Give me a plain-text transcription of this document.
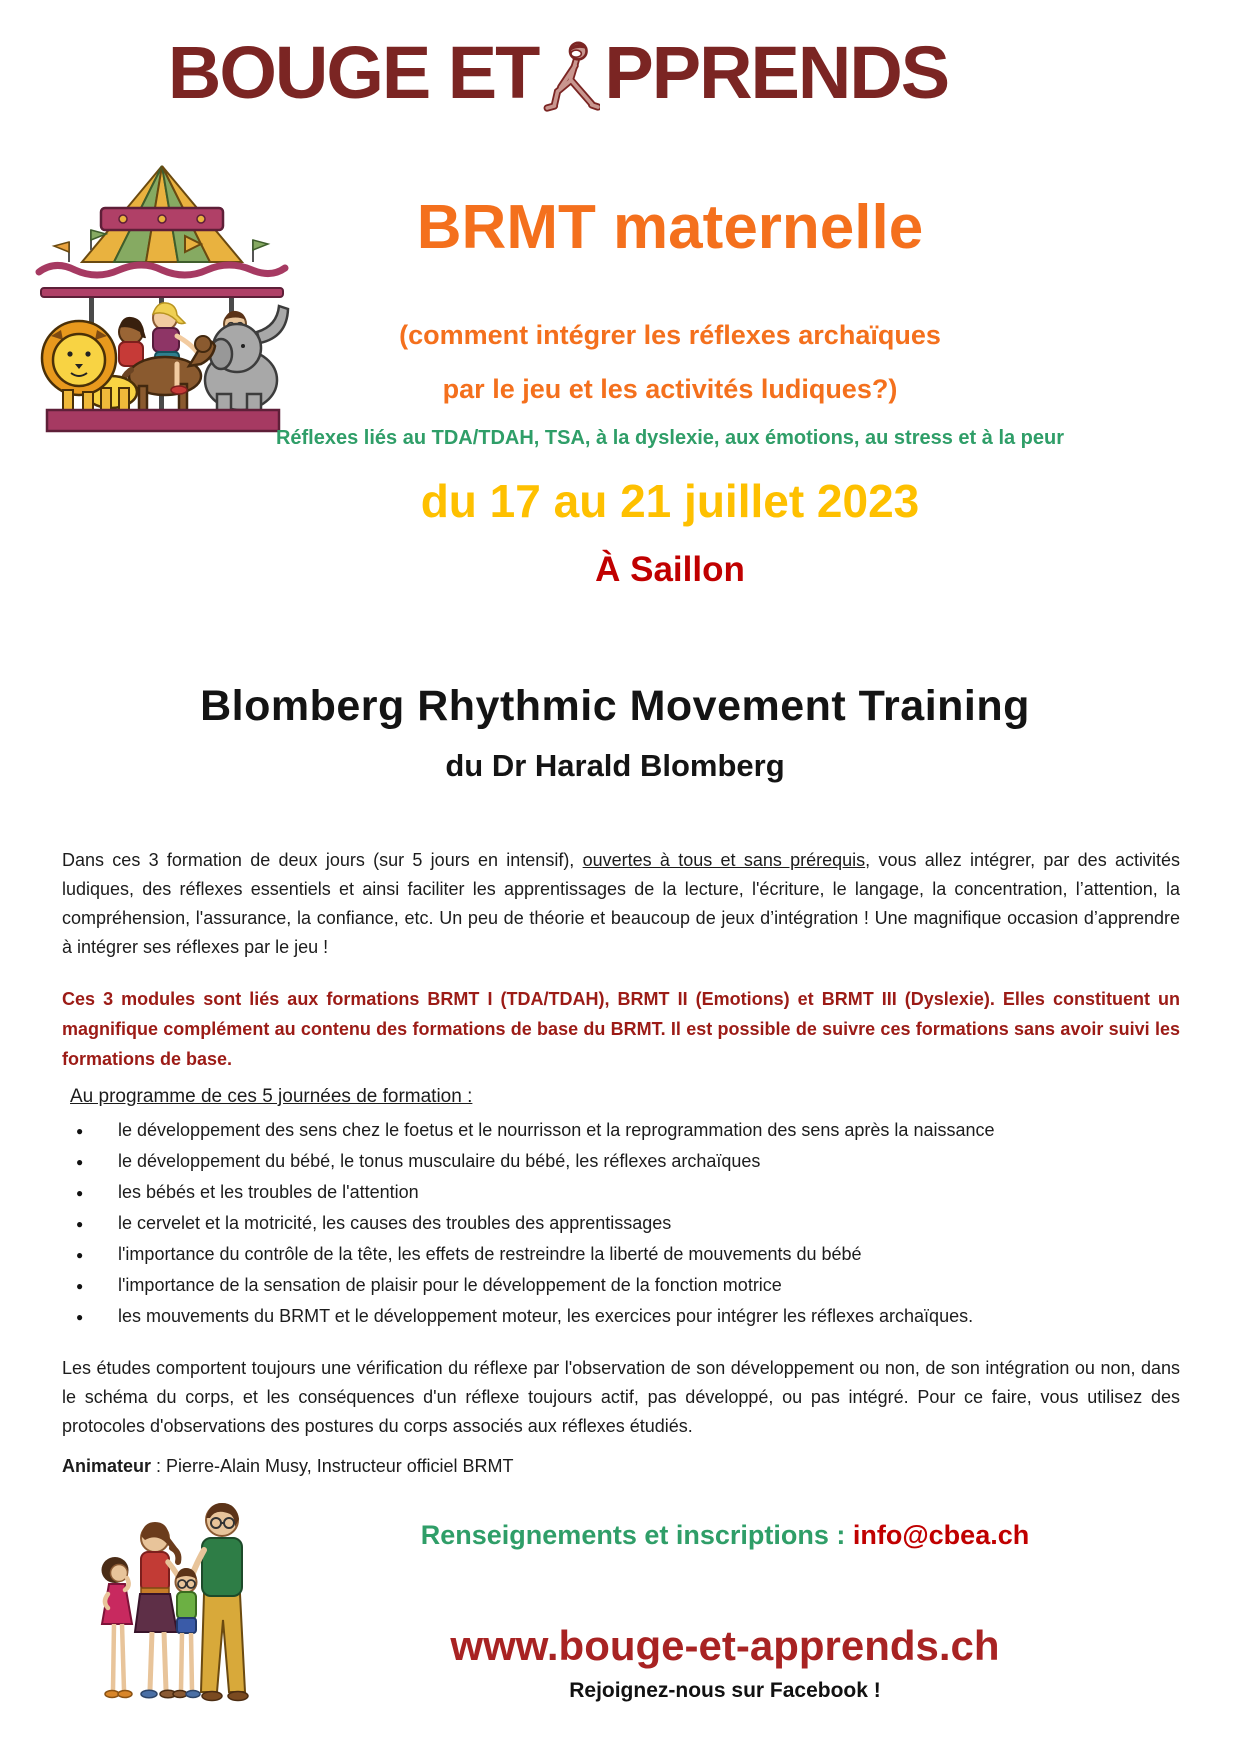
BOUGE ET PPRENDS
BRMT maternelle
(comment intégrer les réflexes archaïques
par le jeu et les activités ludiques?)
Réflexes liés au TDA/TDAH, TSA, à la dyslexie, aux émotions, au stress et à la peur
du 17 au 21 juillet 2023
À Saillon
Blomberg Rhythmic Movement Training
du Dr Harald Blomberg

Dans ces 3 formation de deux jours (sur 5 jours en intensif), ouvertes à tous et sans prérequis, vous allez intégrer, par des activités ludiques, des réflexes essentiels et ainsi faciliter les apprentissages de la lecture, l'écriture, le langage, la concentration, l’attention, la compréhension, l'assurance, la confiance, etc. Un peu de théorie et beaucoup de jeux d’intégration ! Une magnifique occasion d’apprendre à intégrer ses réflexes par le jeu !

Ces 3 modules sont liés aux formations BRMT I (TDA/TDAH), BRMT II (Emotions) et BRMT III (Dyslexie). Elles constituent un magnifique complément au contenu des formations de base du BRMT. Il est possible de suivre ces formations sans avoir suivi les formations de base.

Au programme de ces 5 journées de formation :
● le développement des sens chez le foetus et le nourrisson et la reprogrammation des sens après la naissance
● le développement du bébé, le tonus musculaire du bébé, les réflexes archaïques
● les bébés et les troubles de l'attention
● le cervelet et la motricité, les causes des troubles des apprentissages
● l'importance du contrôle de la tête, les effets de restreindre la liberté de mouvements du bébé
● l'importance de la sensation de plaisir pour le développement de la fonction motrice
● les mouvements du BRMT et le développement moteur, les exercices pour intégrer les réflexes archaïques.

Les études comportent toujours une vérification du réflexe par l'observation de son développement ou non, de son intégration ou non, dans le schéma du corps, et les conséquences d'un réflexe toujours actif, pas développé, ou pas intégré. Pour ce faire, vous utilisez des protocoles d'observations des postures du corps associés aux réflexes étudiés.

Animateur : Pierre-Alain Musy, Instructeur officiel BRMT

Renseignements et inscriptions : info@cbea.ch
www.bouge-et-apprends.ch
Rejoignez-nous sur Facebook !
